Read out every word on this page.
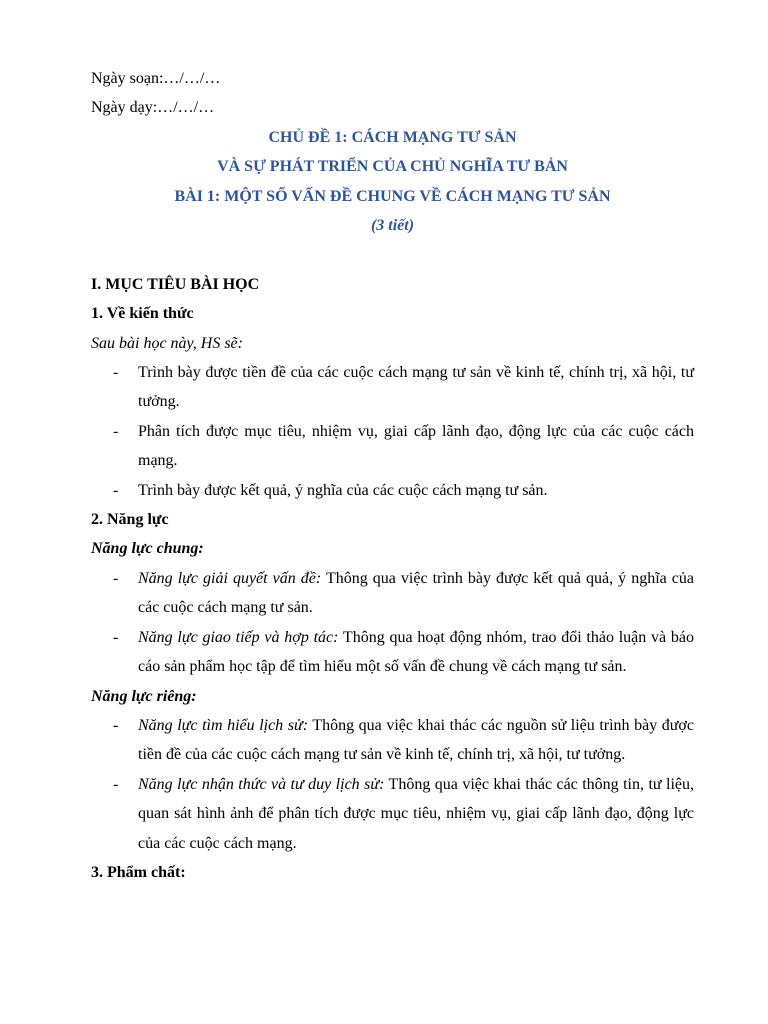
Ngày soạn:…/…/…

Ngày dạy:…/…/…

CHỦ ĐỀ 1: CÁCH MẠNG TƯ SẢN

VÀ SỰ PHÁT TRIỂN CỦA CHỦ NGHĨA TƯ BẢN

BÀI 1: MỘT SỐ VẤN ĐỀ CHUNG VỀ CÁCH MẠNG TƯ SẢN

(3 tiết)

I. MỤC TIÊU BÀI HỌC

1. Về kiến thức

Sau bài học này, HS sẽ:

- Trình bày được tiền đề của các cuộc cách mạng tư sản về kinh tế, chính trị, xã hội, tư tưởng.
- Phân tích được mục tiêu, nhiệm vụ, giai cấp lãnh đạo, động lực của các cuộc cách mạng.
- Trình bày được kết quả, ý nghĩa của các cuộc cách mạng tư sản.

2. Năng lực

Năng lực chung:

- Năng lực giải quyết vấn đề: Thông qua việc trình bày được kết quả quả, ý nghĩa của các cuộc cách mạng tư sản.
- Năng lực giao tiếp và hợp tác: Thông qua hoạt động nhóm, trao đổi thảo luận và báo cáo sản phẩm học tập để tìm hiểu một số vấn đề chung về cách mạng tư sản.

Năng lực riêng:

- Năng lực tìm hiểu lịch sử: Thông qua việc khai thác các nguồn sử liệu trình bày được tiền đề của các cuộc cách mạng tư sản về kinh tế, chính trị, xã hội, tư tưởng.
- Năng lực nhận thức và tư duy lịch sử: Thông qua việc khai thác các thông tin, tư liệu, quan sát hình ảnh để phân tích được mục tiêu, nhiệm vụ, giai cấp lãnh đạo, động lực của các cuộc cách mạng.

3. Phẩm chất:
